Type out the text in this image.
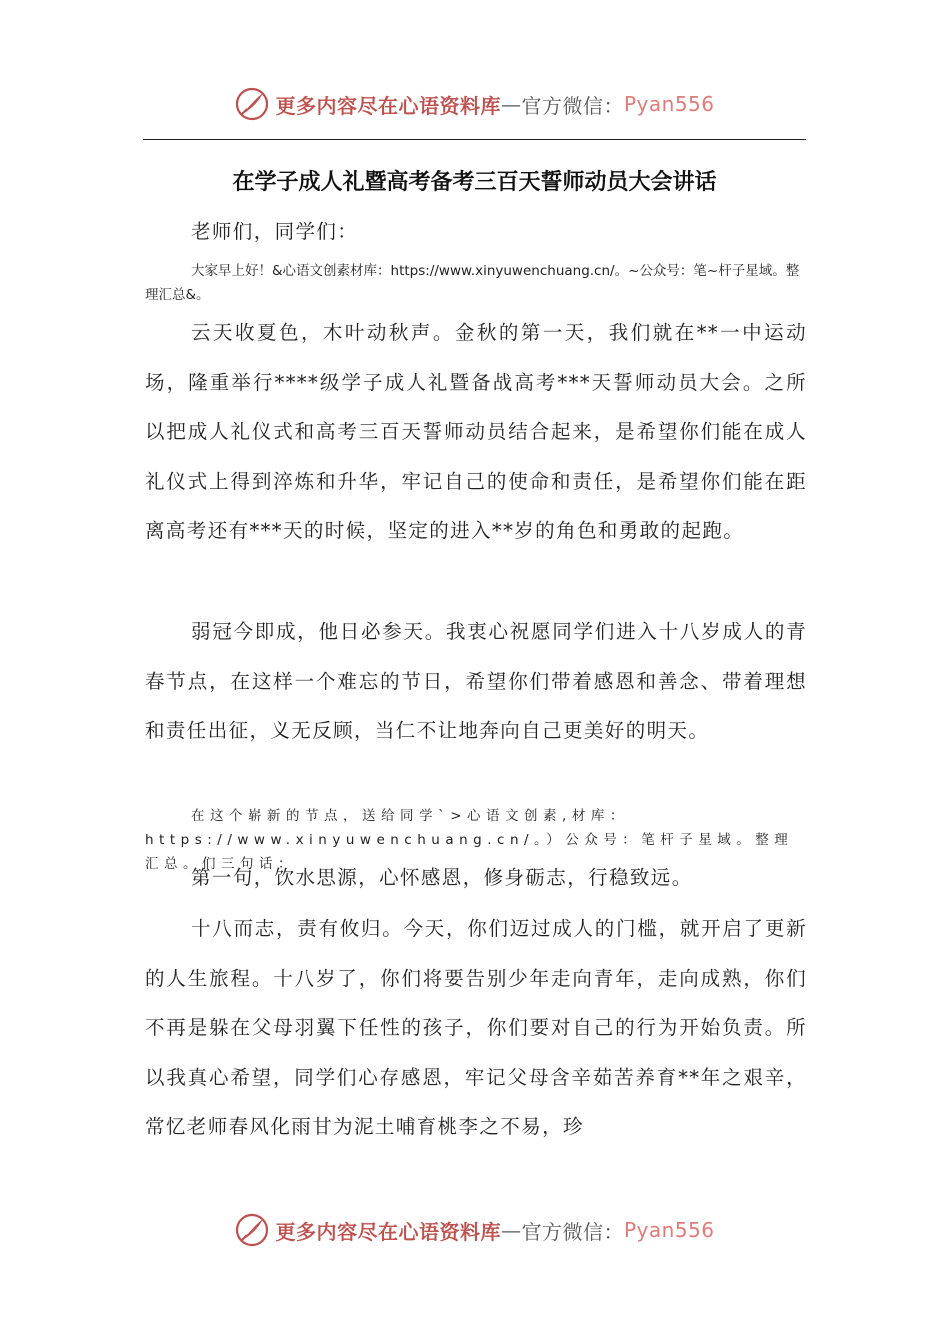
更多内容尽在心语资料库 — 官方微信： Pyan556
在学子成人礼暨高考备考三百天誓师动员大会讲话

老师们，同学们：

大家早上好！&心语文创素材库：https://www.xinyuwenchuang.cn/。~公众号：笔~杆子星域。整理汇总&。

云天收夏色，木叶动秋声。金秋的第一天，我们就在**一中运动场，隆重举行****级学子成人礼暨备战高考***天誓师动员大会。之所以把成人礼仪式和高考三百天誓师动员结合起来，是希望你们能在成人礼仪式上得到淬炼和升华，牢记自己的使命和责任，是希望你们能在距离高考还有***天的时候，坚定的进入**岁的角色和勇敢的起跑。

弱冠今即成，他日必参天。我衷心祝愿同学们进入十八岁成人的青春节点，在这样一个难忘的节日，希望你们带着感恩和善念、带着理想和责任出征，义无反顾，当仁不让地奔向自己更美好的明天。

在这个崭新的节点，送给同学`>心语文创素,材库：https://www.xinyuwenchuang.cn/。）公众号：笔杆子星域。整理汇总。们三句话：

第一句，饮水思源，心怀感恩，修身砺志，行稳致远。

十八而志，责有攸归。今天，你们迈过成人的门槛，就开启了更新的人生旅程。十八岁了，你们将要告别少年走向青年，走向成熟，你们不再是躲在父母羽翼下任性的孩子，你们要对自己的行为开始负责。所以我真心希望，同学们心存感恩，牢记父母含辛茹苦养育**年之艰辛，常忆老师春风化雨甘为泥土哺育桃李之不易，珍

更多内容尽在心语资料库 — 官方微信： Pyan556
